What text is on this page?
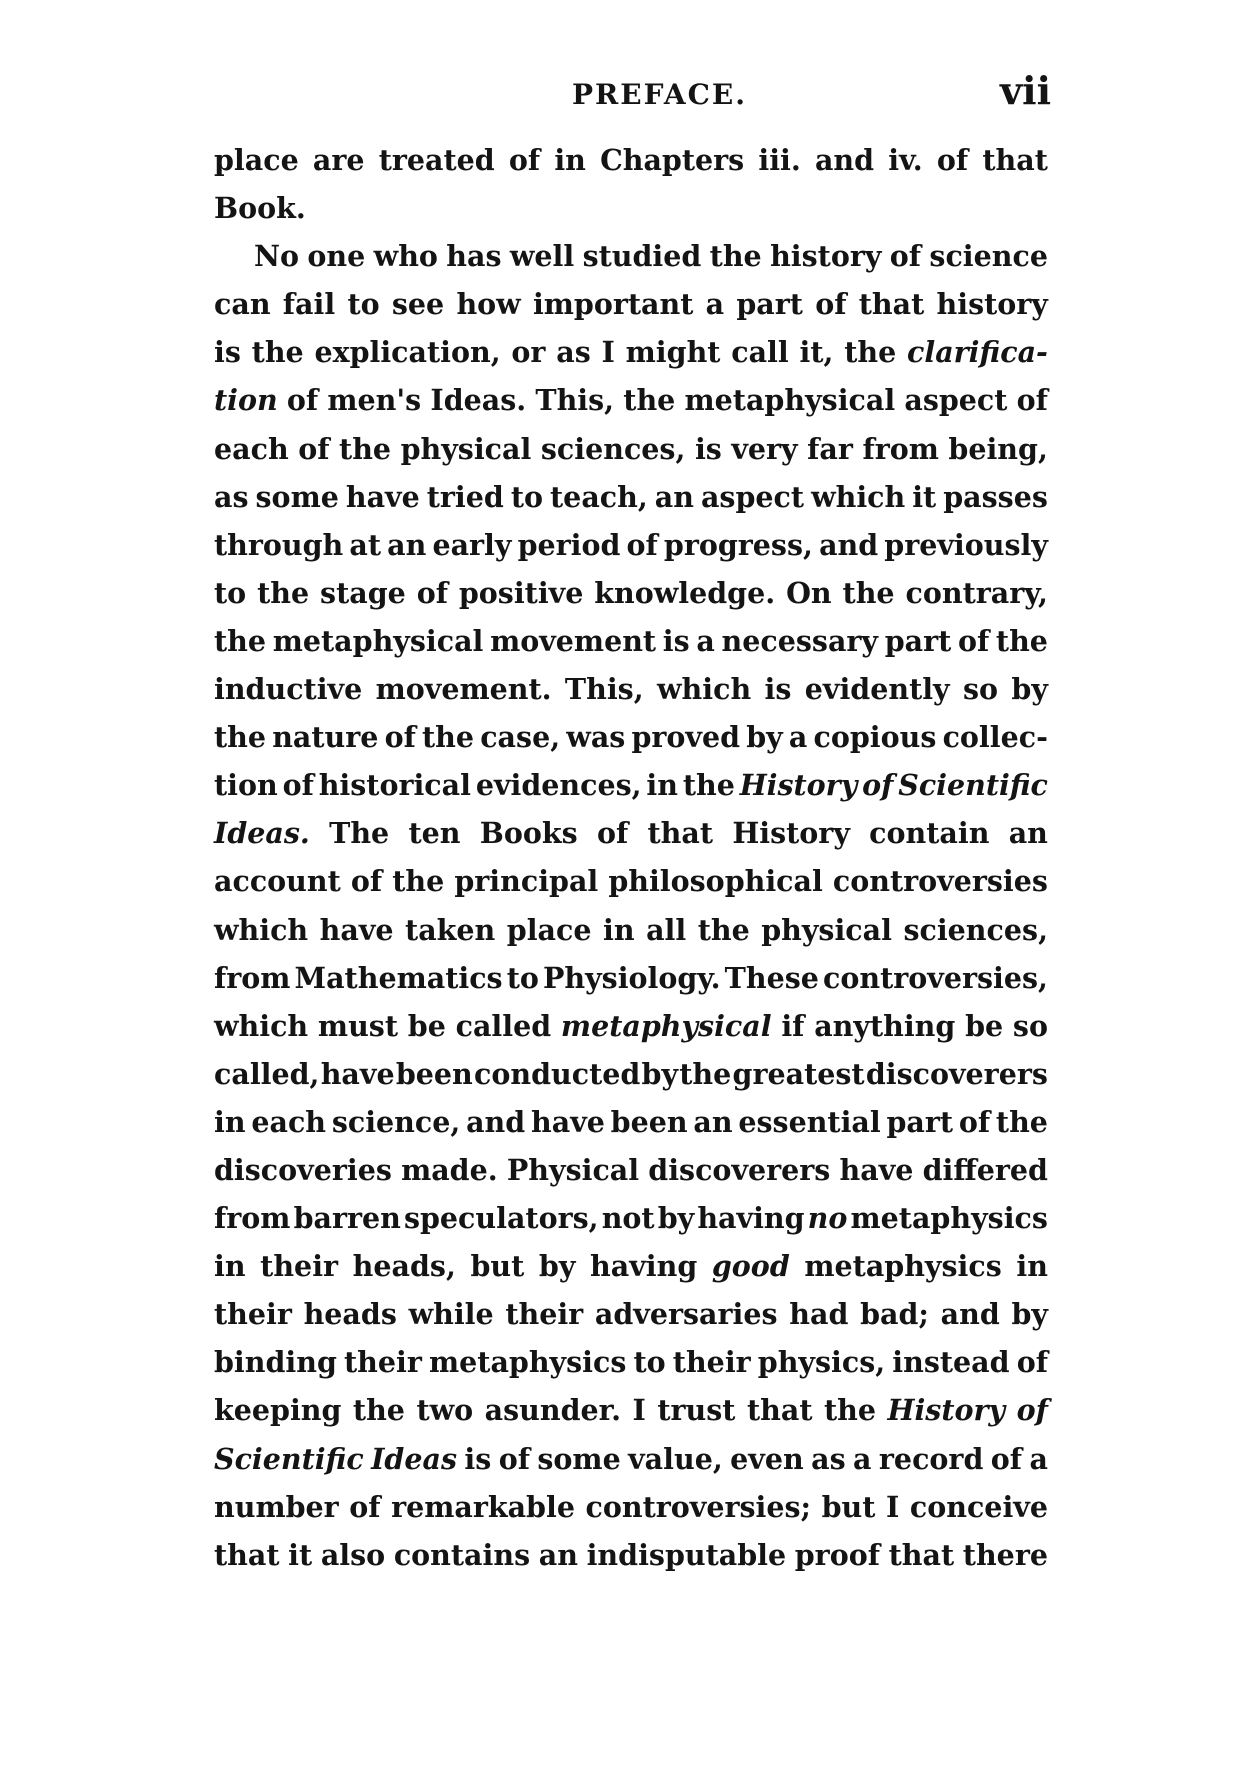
PREFACE.	vii
place are treated of in Chapters iii. and iv. of that
Book.
No one who has well studied the history of science
can fail to see how important a part of that history
is the explication, or as I might call it, the clarifica-
tion of men's Ideas. This, the metaphysical aspect of
each of the physical sciences, is very far from being,
as some have tried to teach, an aspect which it passes
through at an early period of progress, and previously
to the stage of positive knowledge. On the contrary,
the metaphysical movement is a necessary part of the
inductive movement. This, which is evidently so by
the nature of the case, was proved by a copious collec-
tion of historical evidences, in the History of Scientific
Ideas. The ten Books of that History contain an
account of the principal philosophical controversies
which have taken place in all the physical sciences,
from Mathematics to Physiology. These controversies,
which must be called metaphysical if anything be so
called, have been conducted by the greatest discoverers
in each science, and have been an essential part of the
discoveries made. Physical discoverers have differed
from barren speculators, not by having no metaphysics
in their heads, but by having good metaphysics in
their heads while their adversaries had bad; and by
binding their metaphysics to their physics, instead of
keeping the two asunder. I trust that the History of
Scientific Ideas is of some value, even as a record of a
number of remarkable controversies; but I conceive
that it also contains an indisputable proof that there
